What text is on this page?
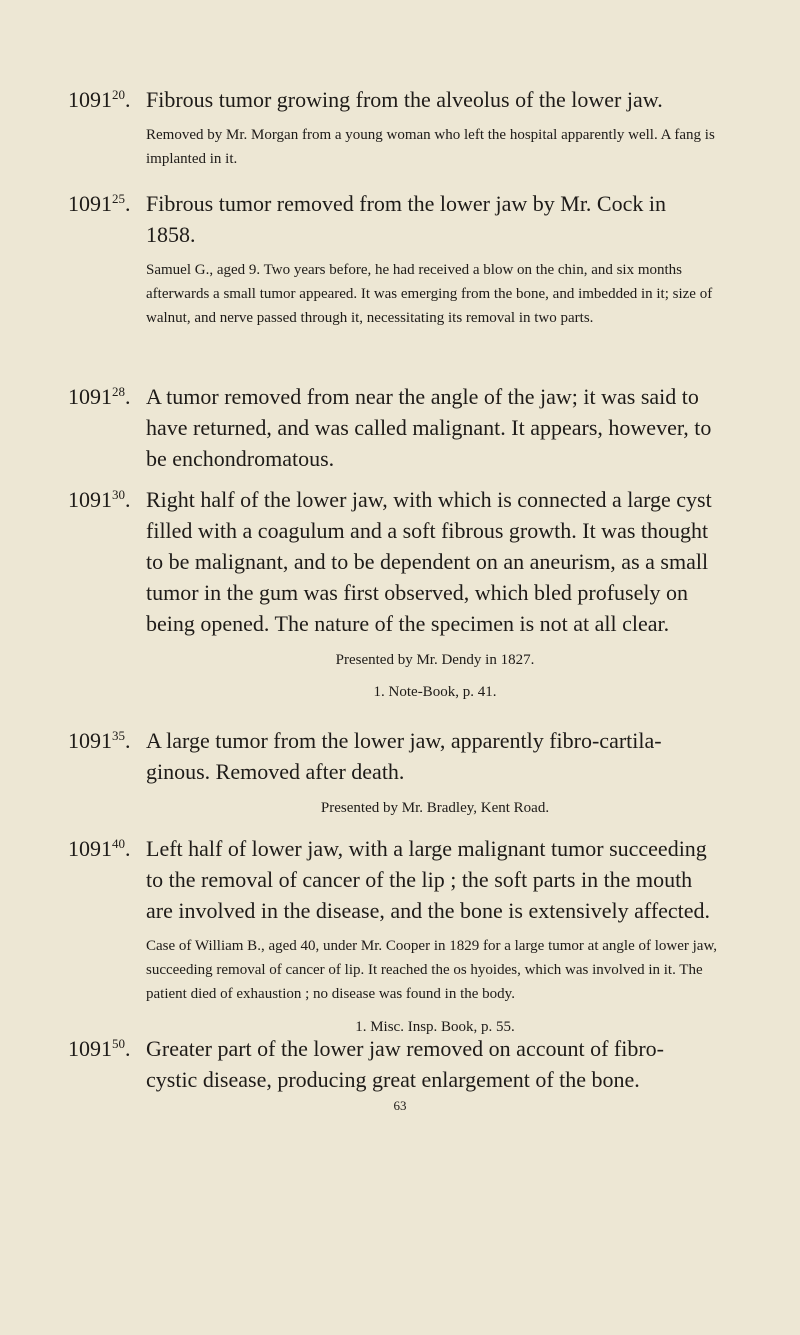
1091$^{20}$. Fibrous tumor growing from the alveolus of the lower jaw.
Removed by Mr. Morgan from a young woman who left the hospital apparently well. A fang is implanted in it.
1091$^{25}$. Fibrous tumor removed from the lower jaw by Mr. Cock in 1858.
Samuel G., aged 9. Two years before, he had received a blow on the chin, and six months afterwards a small tumor appeared. It was emerging from the bone, and imbedded in it; size of walnut, and nerve passed through it, necessitating its removal in two parts.
1091$^{28}$. A tumor removed from near the angle of the jaw; it was said to have returned, and was called malignant. It appears, however, to be enchondromatous.
1091$^{30}$. Right half of the lower jaw, with which is connected a large cyst filled with a coagulum and a soft fibrous growth. It was thought to be malignant, and to be dependent on an aneurism, as a small tumor in the gum was first observed, which bled profusely on being opened. The nature of the specimen is not at all clear.
Presented by Mr. Dendy in 1827.
1. Note-Book, p. 41.
1091$^{35}$. A large tumor from the lower jaw, apparently fibro-cartilaginous. Removed after death.
Presented by Mr. Bradley, Kent Road.
1091$^{40}$. Left half of lower jaw, with a large malignant tumor succeeding to the removal of cancer of the lip ; the soft parts in the mouth are involved in the disease, and the bone is extensively affected.
Case of William B., aged 40, under Mr. Cooper in 1829 for a large tumor at angle of lower jaw, succeeding removal of cancer of lip. It reached the os hyoides, which was involved in it. The patient died of exhaustion ; no disease was found in the body.
1. Misc. Insp. Book, p. 55.
1091$^{50}$. Greater part of the lower jaw removed on account of fibro-cystic disease, producing great enlargement of the bone.
63
